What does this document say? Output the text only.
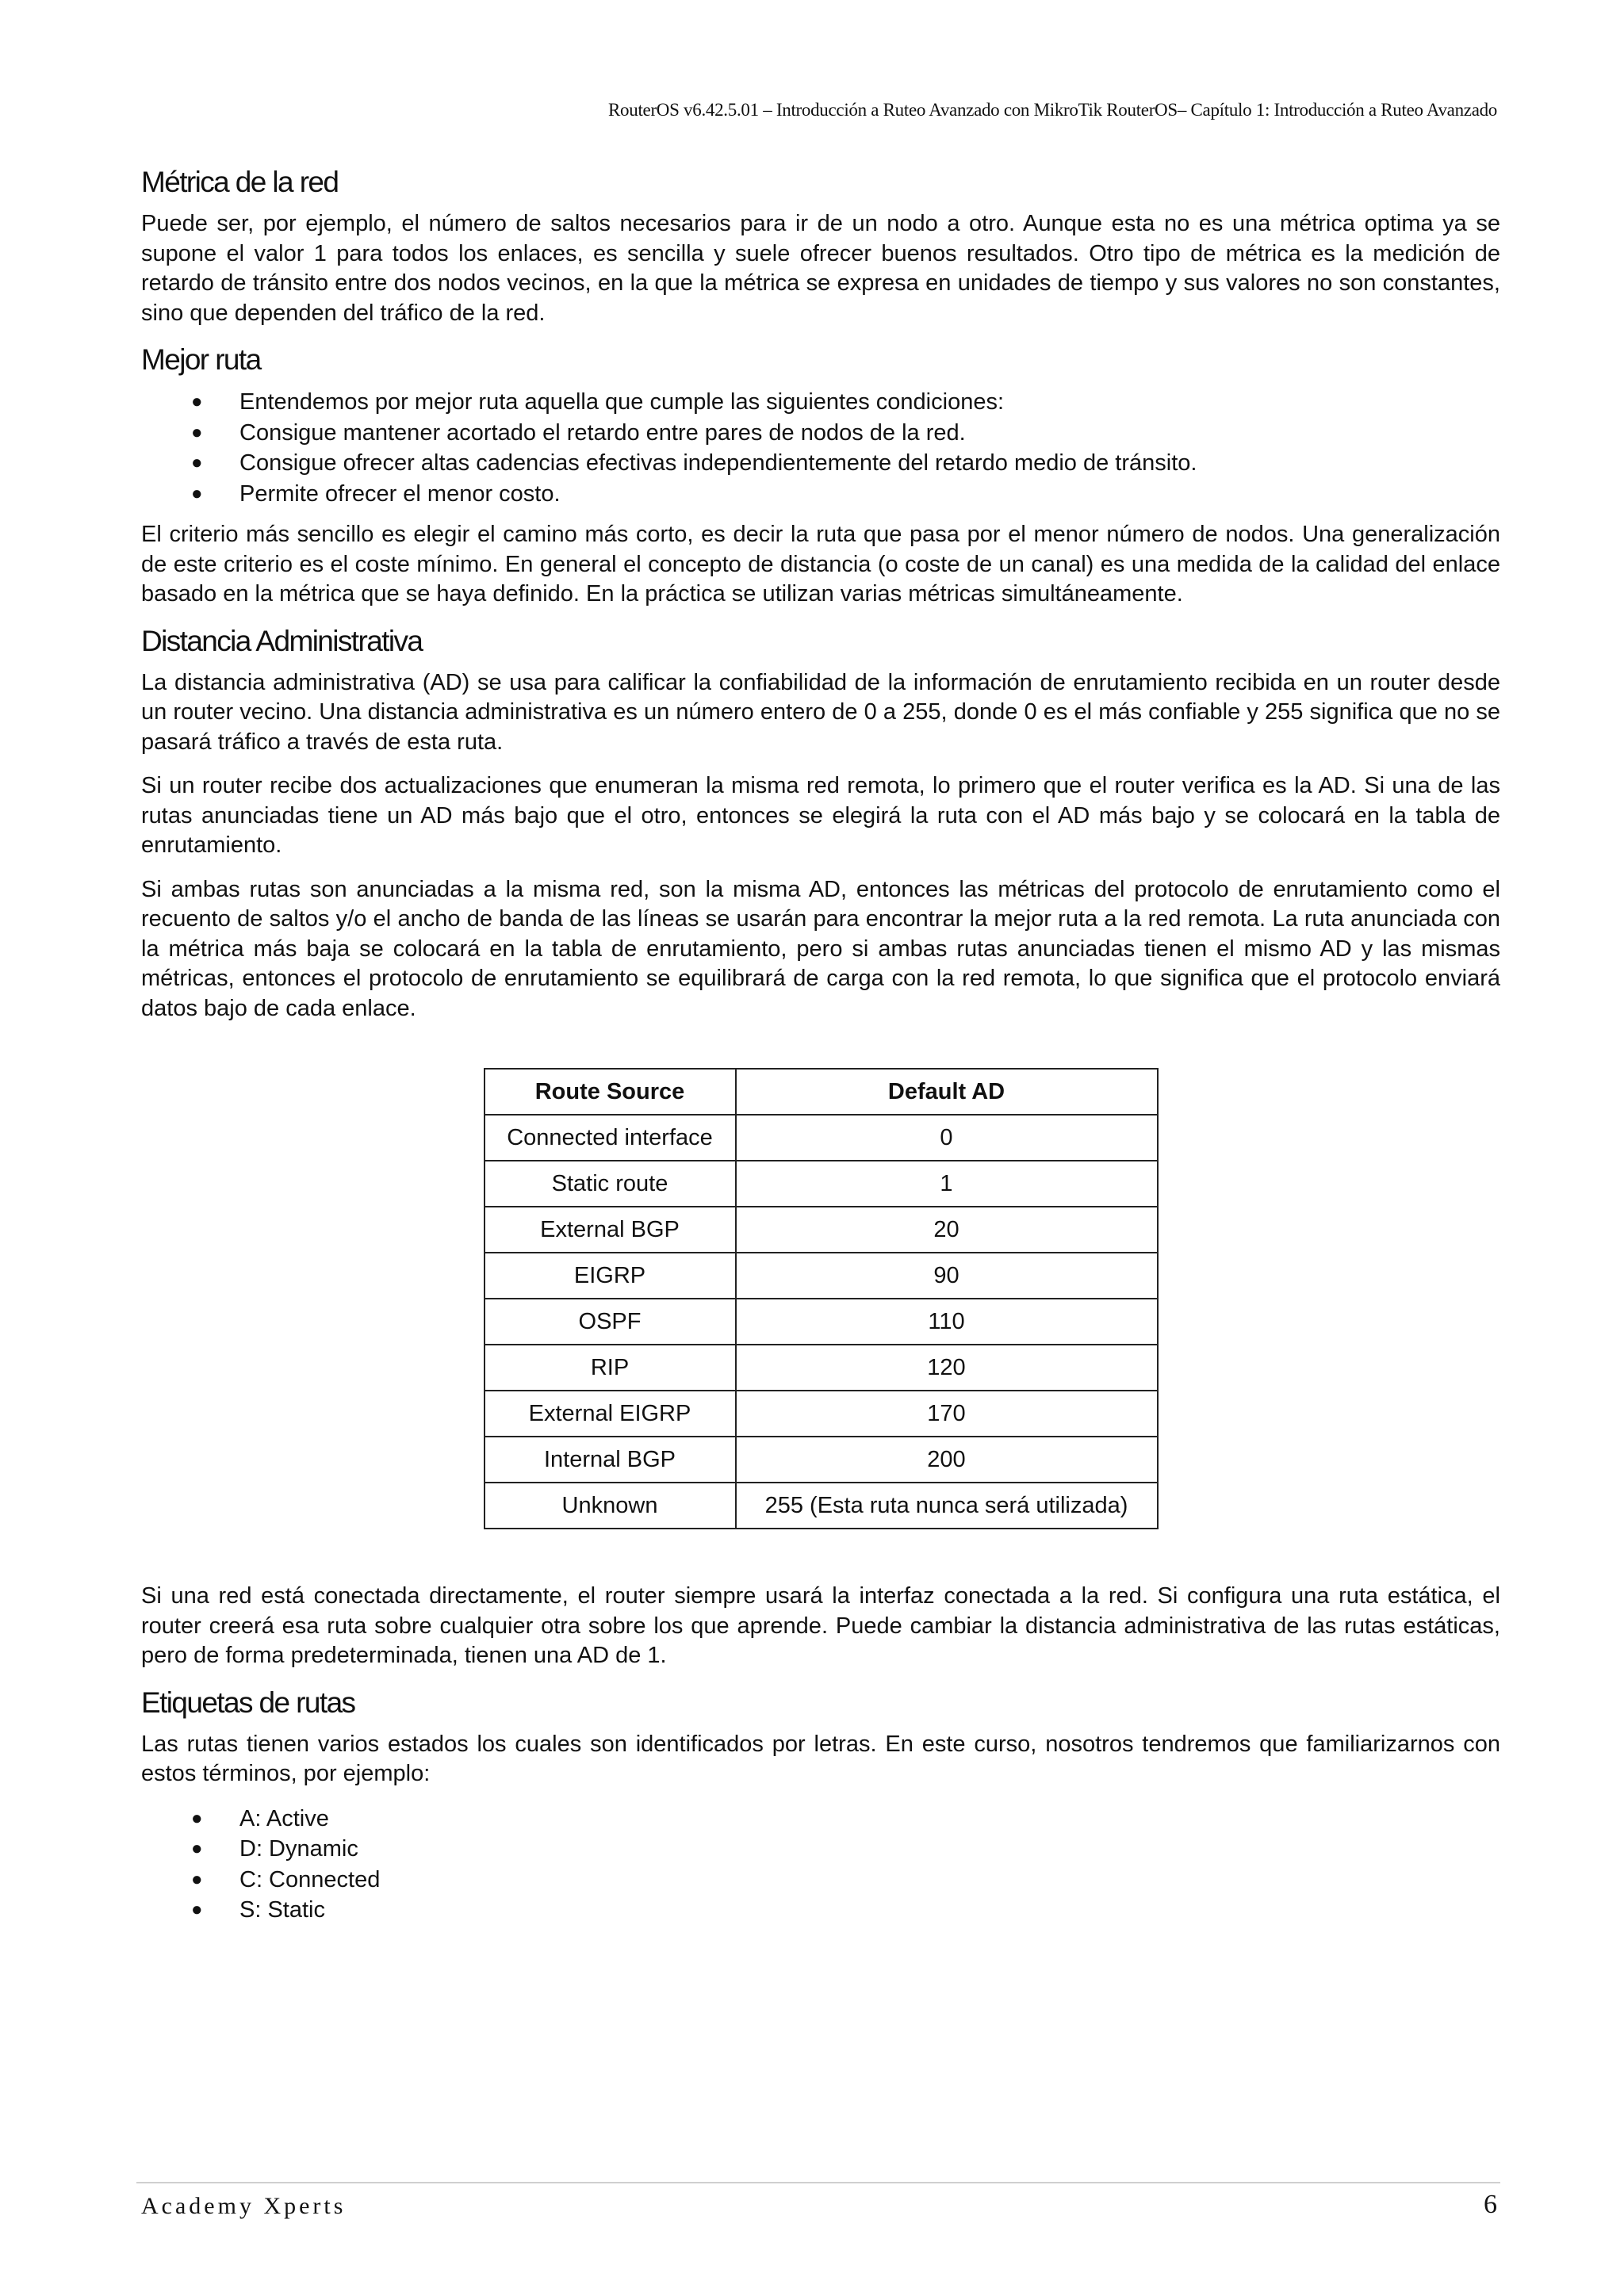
RouterOS v6.42.5.01 – Introducción a Ruteo Avanzado con MikroTik RouterOS– Capítulo 1: Introducción a Ruteo Avanzado
Métrica de la red

Puede ser, por ejemplo, el número de saltos necesarios para ir de un nodo a otro. Aunque esta no es una métrica optima ya se supone el valor 1 para todos los enlaces, es sencilla y suele ofrecer buenos resultados. Otro tipo de métrica es la medición de retardo de tránsito entre dos nodos vecinos, en la que la métrica se expresa en unidades de tiempo y sus valores no son constantes, sino que dependen del tráfico de la red.

Mejor ruta
● Entendemos por mejor ruta aquella que cumple las siguientes condiciones:
● Consigue mantener acortado el retardo entre pares de nodos de la red.
● Consigue ofrecer altas cadencias efectivas independientemente del retardo medio de tránsito.
● Permite ofrecer el menor costo.

El criterio más sencillo es elegir el camino más corto, es decir la ruta que pasa por el menor número de nodos. Una generalización de este criterio es el coste mínimo. En general el concepto de distancia (o coste de un canal) es una medida de la calidad del enlace basado en la métrica que se haya definido. En la práctica se utilizan varias métricas simultáneamente.

Distancia Administrativa

La distancia administrativa (AD) se usa para calificar la confiabilidad de la información de enrutamiento recibida en un router desde un router vecino. Una distancia administrativa es un número entero de 0 a 255, donde 0 es el más confiable y 255 significa que no se pasará tráfico a través de esta ruta.

Si un router recibe dos actualizaciones que enumeran la misma red remota, lo primero que el router verifica es la AD. Si una de las rutas anunciadas tiene un AD más bajo que el otro, entonces se elegirá la ruta con el AD más bajo y se colocará en la tabla de enrutamiento.

Si ambas rutas son anunciadas a la misma red, son la misma AD, entonces las métricas del protocolo de enrutamiento como el recuento de saltos y/o el ancho de banda de las líneas se usarán para encontrar la mejor ruta a la red remota. La ruta anunciada con la métrica más baja se colocará en la tabla de enrutamiento, pero si ambas rutas anunciadas tienen el mismo AD y las mismas métricas, entonces el protocolo de enrutamiento se equilibrará de carga con la red remota, lo que significa que el protocolo enviará datos bajo de cada enlace.

Route Source	Default AD
Connected interface	0
Static route	1
External BGP	20
EIGRP	90
OSPF	110
RIP	120
External EIGRP	170
Internal BGP	200
Unknown	255 (Esta ruta nunca será utilizada)

Si una red está conectada directamente, el router siempre usará la interfaz conectada a la red. Si configura una ruta estática, el router creerá esa ruta sobre cualquier otra sobre los que aprende. Puede cambiar la distancia administrativa de las rutas estáticas, pero de forma predeterminada, tienen una AD de 1.

Etiquetas de rutas

Las rutas tienen varios estados los cuales son identificados por letras. En este curso, nosotros tendremos que familiarizarnos con estos términos, por ejemplo:

● A: Active
● D: Dynamic
● C: Connected
● S: Static
Academy Xperts	6
